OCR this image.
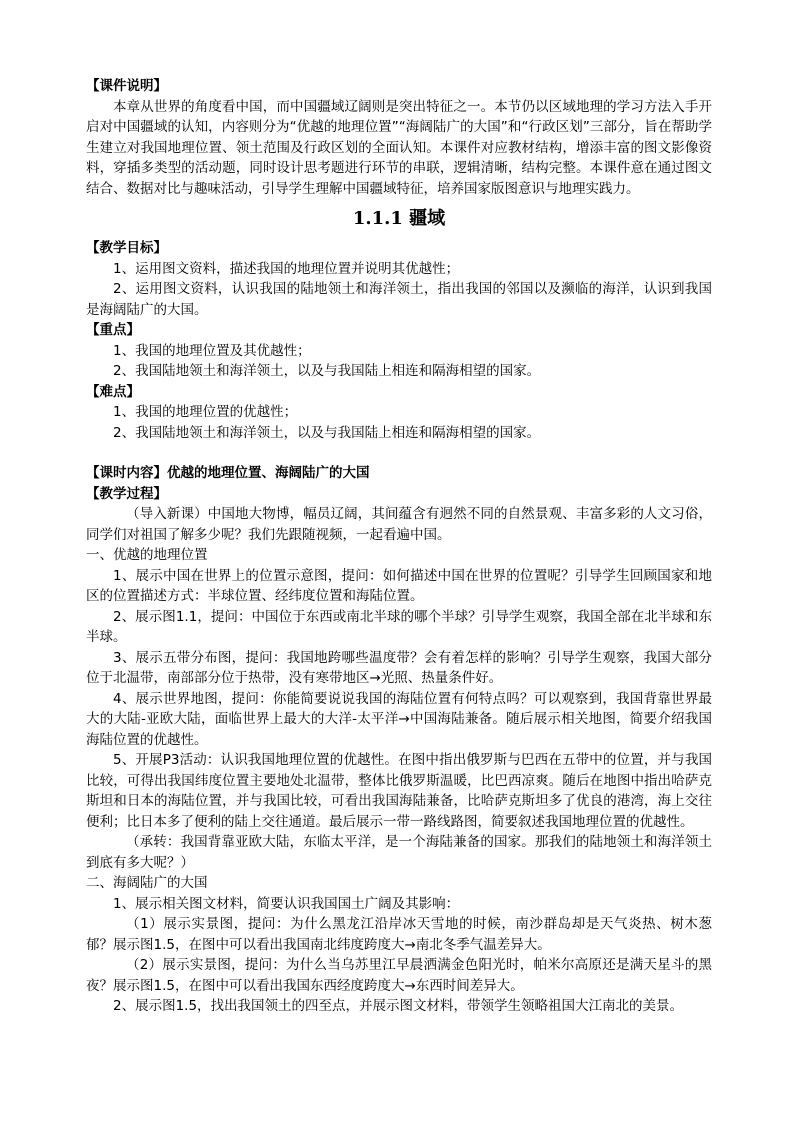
【课件说明】

本章从世界的角度看中国，而中国疆域辽阔则是突出特征之一。本节仍以区域地理的学习方法入手开启对中国疆域的认知，内容则分为“优越的地理位置”“海阔陆广的大国”和“行政区划”三部分，旨在帮助学生建立对我国地理位置、领土范围及行政区划的全面认知。本课件对应教材结构，增添丰富的图文影像资料，穿插多类型的活动题，同时设计思考题进行环节的串联，逻辑清晰，结构完整。本课件意在通过图文结合、数据对比与趣味活动，引导学生理解中国疆域特征，培养国家版图意识与地理实践力。

1.1.1 疆域

【教学目标】

1、运用图文资料，描述我国的地理位置并说明其优越性；

2、运用图文资料，认识我国的陆地领土和海洋领土，指出我国的邻国以及濒临的海洋，认识到我国是海阔陆广的大国。

【重点】

1、我国的地理位置及其优越性；

2、我国陆地领土和海洋领土，以及与我国陆上相连和隔海相望的国家。

【难点】

1、我国的地理位置的优越性；

2、我国陆地领土和海洋领土，以及与我国陆上相连和隔海相望的国家。

【课时内容】优越的地理位置、海阔陆广的大国

【教学过程】

（导入新课）中国地大物博，幅员辽阔，其间蕴含有迥然不同的自然景观、丰富多彩的人文习俗，同学们对祖国了解多少呢？我们先跟随视频，一起看遍中国。

一、优越的地理位置

1、展示中国在世界上的位置示意图，提问：如何描述中国在世界的位置呢？引导学生回顾国家和地区的位置描述方式：半球位置、经纬度位置和海陆位置。

2、展示图1.1，提问：中国位于东西或南北半球的哪个半球？引导学生观察，我国全部在北半球和东半球。

3、展示五带分布图，提问：我国地跨哪些温度带？会有着怎样的影响？引导学生观察，我国大部分位于北温带，南部部分位于热带，没有寒带地区→光照、热量条件好。

4、展示世界地图，提问：你能简要说说我国的海陆位置有何特点吗？可以观察到，我国背靠世界最大的大陆-亚欧大陆，面临世界上最大的大洋-太平洋→中国海陆兼备。随后展示相关地图，简要介绍我国海陆位置的优越性。

5、开展P3活动：认识我国地理位置的优越性。在图中指出俄罗斯与巴西在五带中的位置，并与我国比较，可得出我国纬度位置主要地处北温带，整体比俄罗斯温暖，比巴西凉爽。随后在地图中指出哈萨克斯坦和日本的海陆位置，并与我国比较，可看出我国海陆兼备，比哈萨克斯坦多了优良的港湾，海上交往便利；比日本多了便利的陆上交往通道。最后展示一带一路线路图，简要叙述我国地理位置的优越性。

（承转：我国背靠亚欧大陆，东临太平洋，是一个海陆兼备的国家。那我们的陆地领土和海洋领土到底有多大呢？）

二、海阔陆广的大国

1、展示相关图文材料，简要认识我国国土广阔及其影响：

（1）展示实景图，提问：为什么黑龙江沿岸冰天雪地的时候，南沙群岛却是天气炎热、树木葱郁？展示图1.5，在图中可以看出我国南北纬度跨度大→南北冬季气温差异大。

（2）展示实景图，提问：为什么当乌苏里江早晨洒满金色阳光时，帕米尔高原还是满天星斗的黑夜？展示图1.5，在图中可以看出我国东西经度跨度大→东西时间差异大。

2、展示图1.5，找出我国领土的四至点，并展示图文材料，带领学生领略祖国大江南北的美景。
